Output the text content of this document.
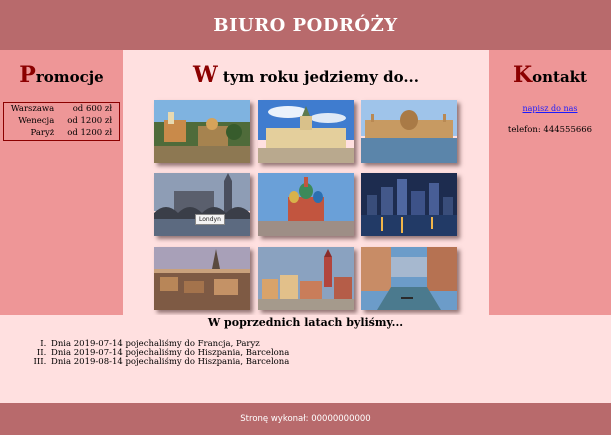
BIURO PODRÓŻY
Promocje
Warszawa	od 600 zł
Wenecja	od 1200 zł
Paryż	od 1200 zł
W tym roku jedziemy do...
Londyn
Kontakt
napisz do nas

telefon: 444555666

W poprzednich latach byliśmy...
I. Dnia 2019-07-14 pojechaliśmy do Francja, Paryz
II. Dnia 2019-07-14 pojechaliśmy do Hiszpania, Barcelona
III. Dnia 2019-08-14 pojechaliśmy do Hiszpania, Barcelona

Stronę wykonał: 00000000000
